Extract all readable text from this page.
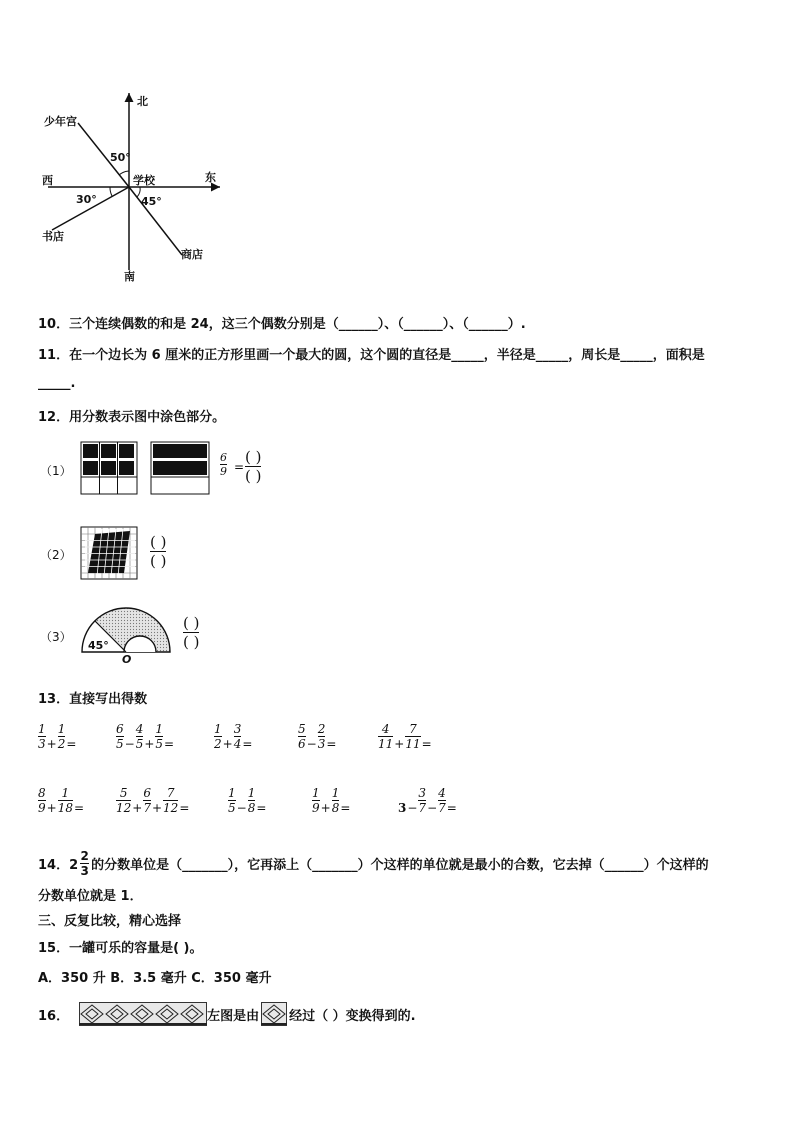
北
南
东
西	学校
少年宫
书店
商店
50°
30°	45°
10．三个连续偶数的和是 24，这三个偶数分别是（______）、（______）、（______）.
11．在一个边长为 6 厘米的正方形里画一个最大的圆，这个圆的直径是_____，半径是_____，周长是_____，面积是
_____.
12．用分数表示图中涂色部分。
（1）
6
9 =
( )
( )
（2）
( )
( )
（3）
45°
O
( )
( )
13．直接写出得数
$\frac{1}{3} + \frac{1}{2}$ =	$\frac{6}{5} - \frac{4}{5} + \frac{1}{5}$ =	$\frac{1}{2} + \frac{3}{4}$ =	$\frac{5}{6} - \frac{2}{3}$ =	$\frac{4}{11} + \frac{7}{11}$ =
$\frac{8}{9} + \frac{1}{18}$ =	$\frac{5}{12} + \frac{6}{7} + \frac{7}{12}$ =	$\frac{1}{5} - \frac{1}{8}$ =	$\frac{1}{9} + \frac{1}{8}$ =	$3 - \frac{3}{7} - \frac{4}{7}$ =
14．2
2
3 的分数单位是（_______），它再添上（_______）个这样的单位就是最小的合数，它去掉（______）个这样的
分数单位就是 1．
三、反复比较，精心选择
15．一罐可乐的容量是( )。
A．350 升 B．3.5 毫升 C．350 毫升
16．	左图是由 经过（ ）变换得到的.
